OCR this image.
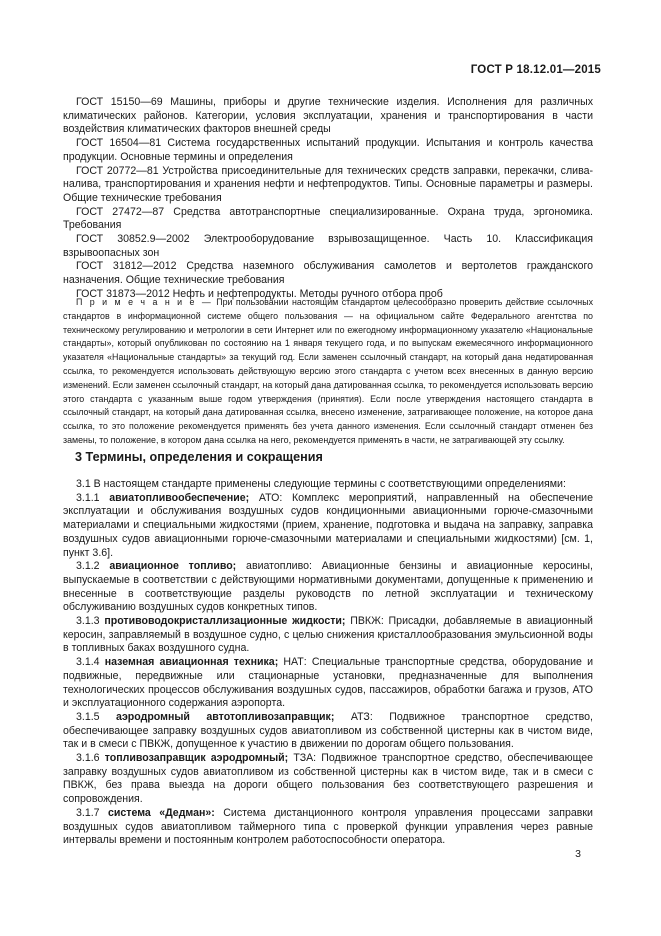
ГОСТ Р 18.12.01—2015

ГОСТ 15150—69 Машины, приборы и другие технические изделия. Исполнения для различных климатических районов. Категории, условия эксплуатации, хранения и транспортирования в части воздействия климатических факторов внешней среды

ГОСТ 16504—81 Система государственных испытаний продукции. Испытания и контроль качества продукции. Основные термины и определения

ГОСТ 20772—81 Устройства присоединительные для технических средств заправки, перекачки, слива-налива, транспортирования и хранения нефти и нефтепродуктов. Типы. Основные параметры и размеры. Общие технические требования

ГОСТ 27472—87 Средства автотранспортные специализированные. Охрана труда, эргономика. Требования

ГОСТ 30852.9—2002 Электрооборудование взрывозащищенное. Часть 10. Классификация взрывоопасных зон

ГОСТ 31812—2012 Средства наземного обслуживания самолетов и вертолетов гражданского назначения. Общие технические требования

ГОСТ 31873—2012 Нефть и нефтепродукты. Методы ручного отбора проб

П р и м е ч а н и е — При пользовании настоящим стандартом целесообразно проверить действие ссылочных стандартов в информационной системе общего пользования — на официальном сайте Федерального агентства по техническому регулированию и метрологии в сети Интернет или по ежегодному информационному указателю «Национальные стандарты», который опубликован по состоянию на 1 января текущего года, и по выпускам ежемесячного информационного указателя «Национальные стандарты» за текущий год. Если заменен ссылочный стандарт, на который дана недатированная ссылка, то рекомендуется использовать действующую версию этого стандарта с учетом всех внесенных в данную версию изменений. Если заменен ссылочный стандарт, на который дана датированная ссылка, то рекомендуется использовать версию этого стандарта с указанным выше годом утверждения (принятия). Если после утверждения настоящего стандарта в ссылочный стандарт, на который дана датированная ссылка, внесено изменение, затрагивающее положение, на которое дана ссылка, то это положение рекомендуется применять без учета данного изменения. Если ссылочный стандарт отменен без замены, то положение, в котором дана ссылка на него, рекомендуется применять в части, не затрагивающей эту ссылку.

3 Термины, определения и сокращения

3.1 В настоящем стандарте применены следующие термины с соответствующими определениями:

3.1.1 авиатопливообеспечение; АТО: Комплекс мероприятий, направленный на обеспечение эксплуатации и обслуживания воздушных судов кондиционными авиационными горюче-смазочными материалами и специальными жидкостями (прием, хранение, подготовка и выдача на заправку, заправка воздушных судов авиационными горюче-смазочными материалами и специальными жидкостями) [см. 1, пункт 3.6].

3.1.2 авиационное топливо; авиатопливо: Авиационные бензины и авиационные керосины, выпускаемые в соответствии с действующими нормативными документами, допущенные к применению и внесенные в соответствующие разделы руководств по летной эксплуатации и техническому обслуживанию воздушных судов конкретных типов.

3.1.3 противоводокристаллизационные жидкости; ПВКЖ: Присадки, добавляемые в авиационный керосин, заправляемый в воздушное судно, с целью снижения кристаллообразования эмульсионной воды в топливных баках воздушного судна.

3.1.4 наземная авиационная техника; НАТ: Специальные транспортные средства, оборудование и подвижные, передвижные или стационарные установки, предназначенные для выполнения технологических процессов обслуживания воздушных судов, пассажиров, обработки багажа и грузов, АТО и эксплуатационного содержания аэропорта.

3.1.5 аэродромный автотопливозаправщик; АТЗ: Подвижное транспортное средство, обеспечивающее заправку воздушных судов авиатопливом из собственной цистерны как в чистом виде, так и в смеси с ПВКЖ, допущенное к участию в движении по дорогам общего пользования.

3.1.6 топливозаправщик аэродромный; ТЗА: Подвижное транспортное средство, обеспечивающее заправку воздушных судов авиатопливом из собственной цистерны как в чистом виде, так и в смеси с ПВКЖ, без права выезда на дороги общего пользования без соответствующего разрешения и сопровождения.

3.1.7 система «Дедман»: Система дистанционного контроля управления процессами заправки воздушных судов авиатопливом таймерного типа с проверкой функции управления через равные интервалы времени и постоянным контролем работоспособности оператора.

3
